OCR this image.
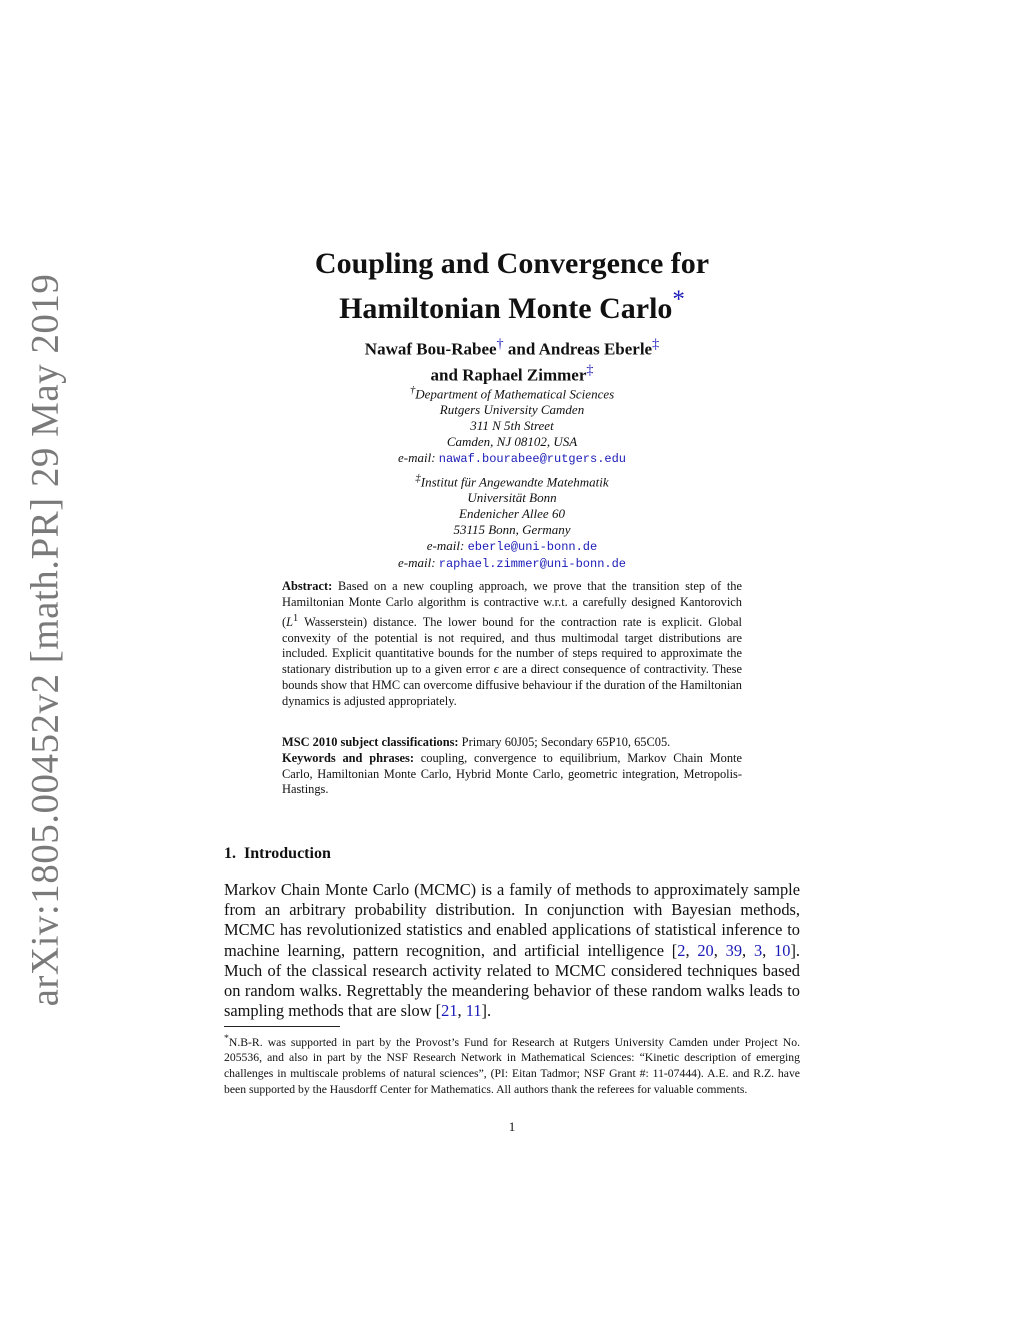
arXiv:1805.00452v2 [math.PR] 29 May 2019
Coupling and Convergence for
Hamiltonian Monte Carlo*
Nawaf Bou-Rabee† and Andreas Eberle‡
and Raphael Zimmer‡
†Department of Mathematical Sciences
Rutgers University Camden
311 N 5th Street
Camden, NJ 08102, USA
e-mail: nawaf.bourabee@rutgers.edu
‡Institut für Angewandte Matehmatik
Universität Bonn
Endenicher Allee 60
53115 Bonn, Germany
e-mail: eberle@uni-bonn.de
e-mail: raphael.zimmer@uni-bonn.de

Abstract: Based on a new coupling approach, we prove that the transition step of the Hamiltonian Monte Carlo algorithm is contractive w.r.t. a carefully designed Kantorovich ($L^1$ Wasserstein) distance. The lower bound for the contraction rate is explicit. Global convexity of the potential is not required, and thus multimodal target distributions are included. Explicit quantitative bounds for the number of steps required to approximate the stationary distribution up to a given error ϵ are a direct consequence of contractivity. These bounds show that HMC can overcome diffusive behaviour if the duration of the Hamiltonian dynamics is adjusted appropriately.

MSC 2010 subject classifications: Primary 60J05; Secondary 65P10, 65C05.

Keywords and phrases: coupling, convergence to equilibrium, Markov Chain Monte Carlo, Hamiltonian Monte Carlo, Hybrid Monte Carlo, geometric integration, Metropolis-Hastings.

1. Introduction

Markov Chain Monte Carlo (MCMC) is a family of methods to approximately sample from an arbitrary probability distribution. In conjunction with Bayesian methods, MCMC has revolutionized statistics and enabled applications of statistical inference to machine learning, pattern recognition, and artificial intelligence [2, 20, 39, 3, 10]. Much of the classical research activity related to MCMC considered techniques based on random walks. Regrettably the meandering behavior of these random walks leads to sampling methods that are slow [21, 11].

*N.B-R. was supported in part by the Provost’s Fund for Research at Rutgers University Camden under Project No. 205536, and also in part by the NSF Research Network in Mathematical Sciences: “Kinetic description of emerging challenges in multiscale problems of natural sciences”, (PI: Eitan Tadmor; NSF Grant #: 11-07444). A.E. and R.Z. have been supported by the Hausdorff Center for Mathematics. All authors thank the referees for valuable comments.

1
